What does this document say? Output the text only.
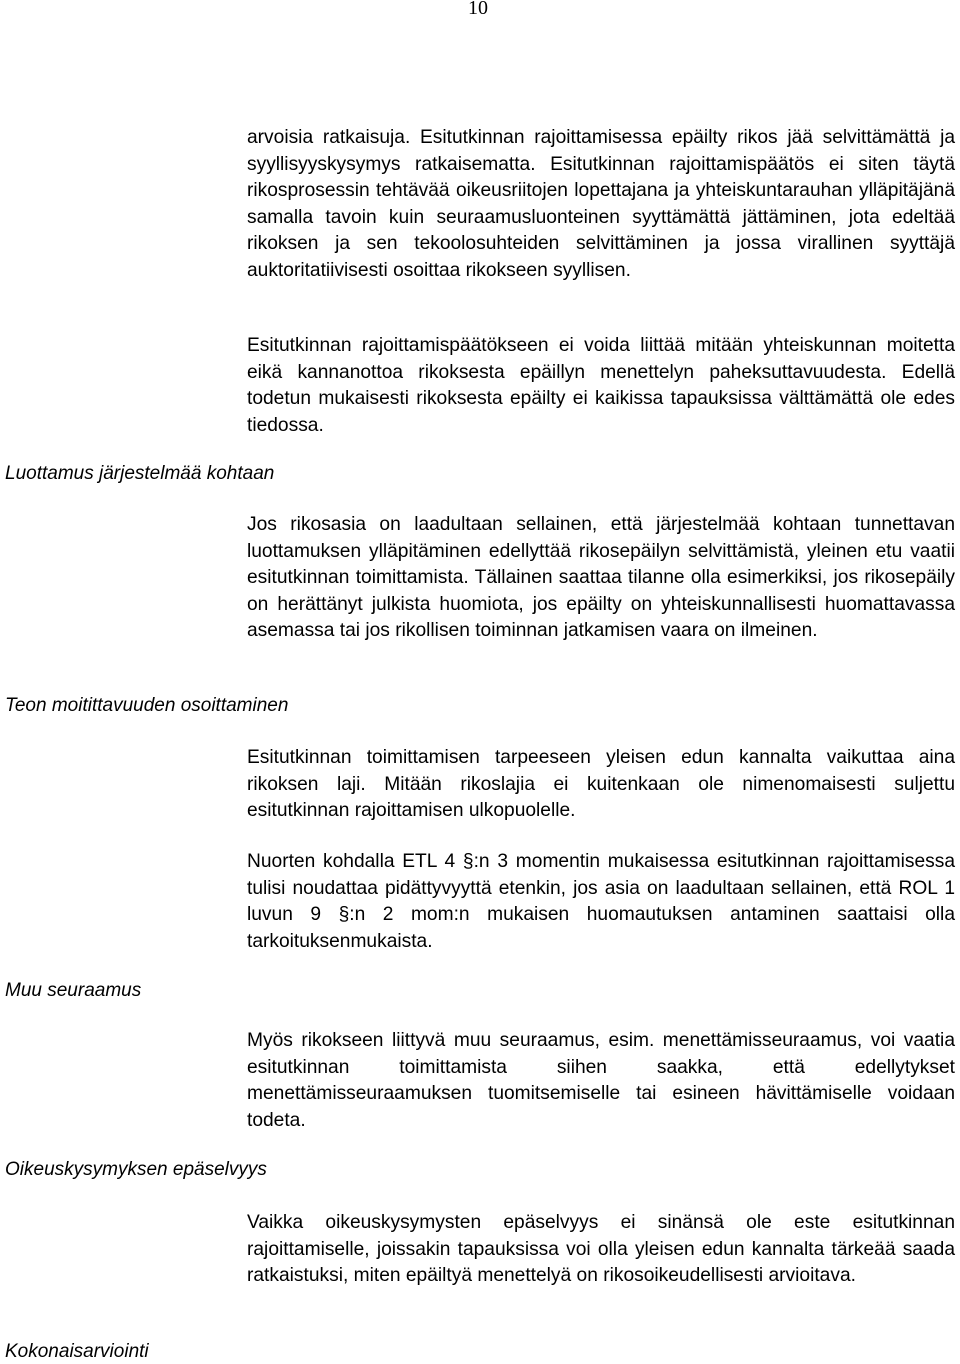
10

arvoisia ratkaisuja. Esitutkinnan rajoittamisessa epäilty rikos jää selvittämättä ja syyllisyyskysymys ratkaisematta. Esitutkinnan rajoittamispäätös ei siten täytä rikosprosessin tehtävää oikeusriitojen lopettajana ja yhteiskuntarauhan ylläpitäjänä samalla tavoin kuin seuraamusluonteinen syyttämättä jättäminen, jota edeltää rikoksen ja sen tekoolosuhteiden selvittäminen ja jossa virallinen syyttäjä auktoritatiivisesti osoittaa rikokseen syyllisen.

Esitutkinnan rajoittamispäätökseen ei voida liittää mitään yhteiskunnan moitetta eikä kannanottoa rikoksesta epäillyn menettelyn paheksuttavuudesta. Edellä todetun mukaisesti rikoksesta epäilty ei kaikissa tapauksissa välttämättä ole edes tiedossa.

Luottamus järjestelmää kohtaan

Jos rikosasia on laadultaan sellainen, että järjestelmää kohtaan tunnettavan luottamuksen ylläpitäminen edellyttää rikosepäilyn selvittämistä, yleinen etu vaatii esitutkinnan toimittamista. Tällainen saattaa tilanne olla esimerkiksi, jos rikosepäily on herättänyt julkista huomiota, jos epäilty on yhteiskunnallisesti huomattavassa asemassa tai jos rikollisen toiminnan jatkamisen vaara on ilmeinen.

Teon moitittavuuden osoittaminen

Esitutkinnan toimittamisen tarpeeseen yleisen edun kannalta vaikuttaa aina rikoksen laji. Mitään rikoslajia ei kuitenkaan ole nimenomaisesti suljettu esitutkinnan rajoittamisen ulkopuolelle.

Nuorten kohdalla ETL 4 §:n 3 momentin mukaisessa esitutkinnan rajoittamisessa tulisi noudattaa pidättyvyyttä etenkin, jos asia on laadultaan sellainen, että ROL 1 luvun 9 §:n 2 mom:n mukaisen huomautuksen antaminen saattaisi olla tarkoituksenmukaista.

Muu seuraamus

Myös rikokseen liittyvä muu seuraamus, esim. menettämisseuraamus, voi vaatia esitutkinnan toimittamista siihen saakka, että edellytykset menettämisseuraamuksen tuomitsemiselle tai esineen hävittämiselle voidaan todeta.

Oikeuskysymyksen epäselvyys

Vaikka oikeuskysymysten epäselvyys ei sinänsä ole este esitutkinnan rajoittamiselle, joissakin tapauksissa voi olla yleisen edun kannalta tärkeää saada ratkaistuksi, miten epäiltyä menettelyä on rikosoikeudellisesti arvioitava.

Kokonaisarviointi
